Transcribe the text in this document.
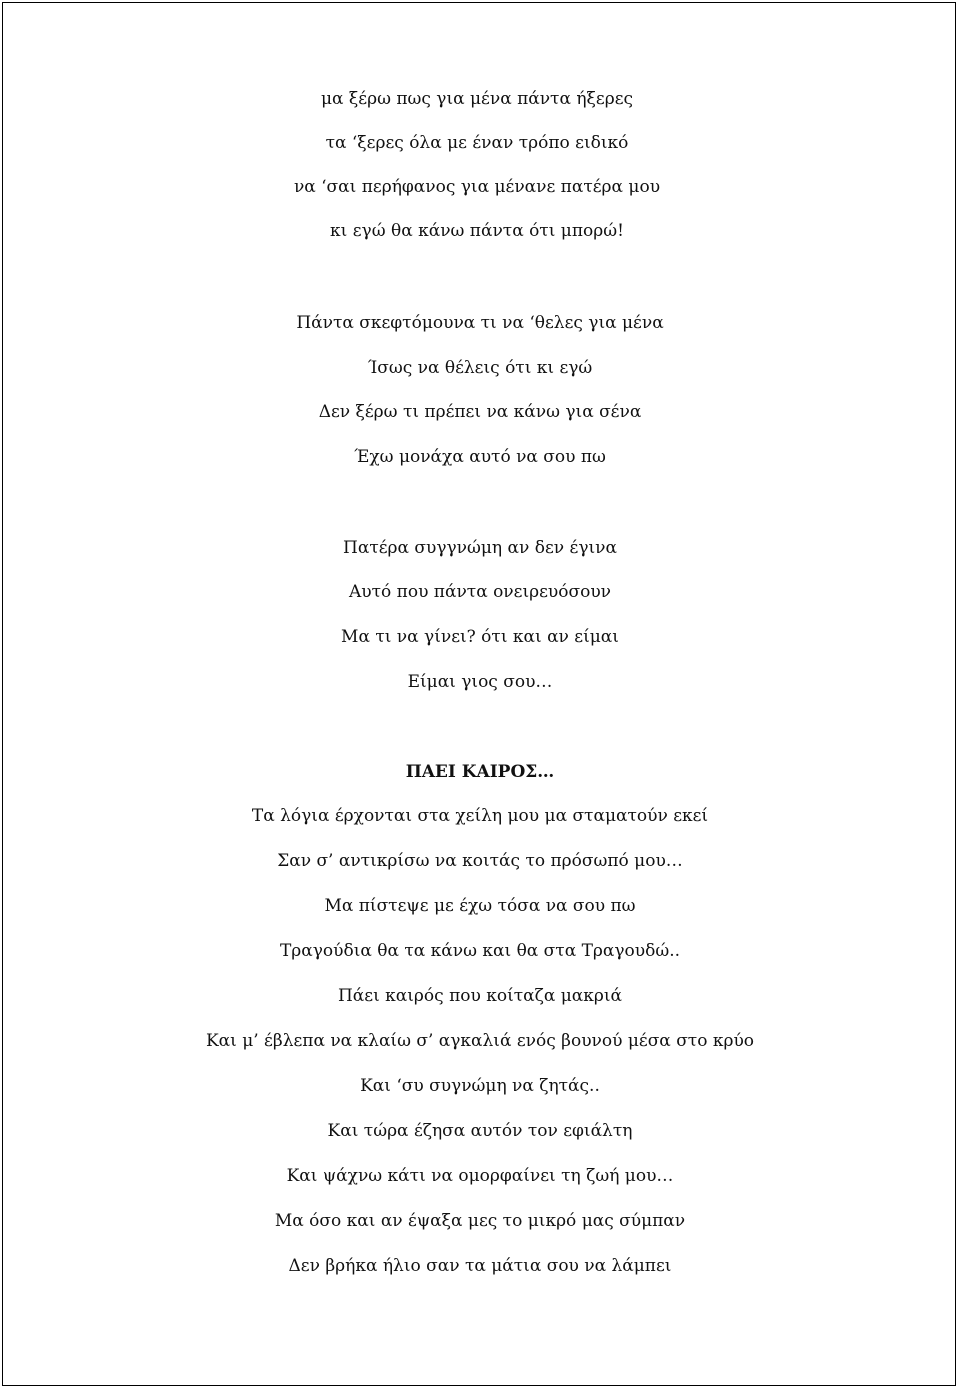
μα ξέρω πως για μένα πάντα ήξερες
τα ‘ξερες όλα με έναν τρόπο ειδικό
να ‘σαι περήφανος για μένανε πατέρα μου
κι εγώ θα κάνω πάντα ότι μπορώ!
Πάντα σκεφτόμουνα τι να ‘θελες για μένα
Ίσως να θέλεις ότι κι εγώ
Δεν ξέρω τι πρέπει να κάνω για σένα
Έχω μονάχα αυτό να σου πω
Πατέρα συγγνώμη αν δεν έγινα
Αυτό που πάντα ονειρευόσουν
Μα τι να γίνει? ότι και αν είμαι
Είμαι γιος σου…
ΠΑΕΙ ΚΑΙΡΟΣ…
Τα λόγια έρχονται στα χείλη μου μα σταματούν εκεί
Σαν σ’ αντικρίσω να κοιτάς το πρόσωπό μου…
Μα πίστεψε με έχω τόσα να σου πω
Τραγούδια θα τα κάνω και θα στα Τραγουδώ..
Πάει καιρός που κοίταζα μακριά
Και μ’ έβλεπα να κλαίω σ’ αγκαλιά ενός βουνού μέσα στο κρύο
Και ‘συ συγνώμη να ζητάς..
Και τώρα έζησα αυτόν τον εφιάλτη
Και ψάχνω κάτι να ομορφαίνει τη ζωή μου…
Μα όσο και αν έψαξα μες το μικρό μας σύμπαν
Δεν βρήκα ήλιο σαν τα μάτια σου να λάμπει
